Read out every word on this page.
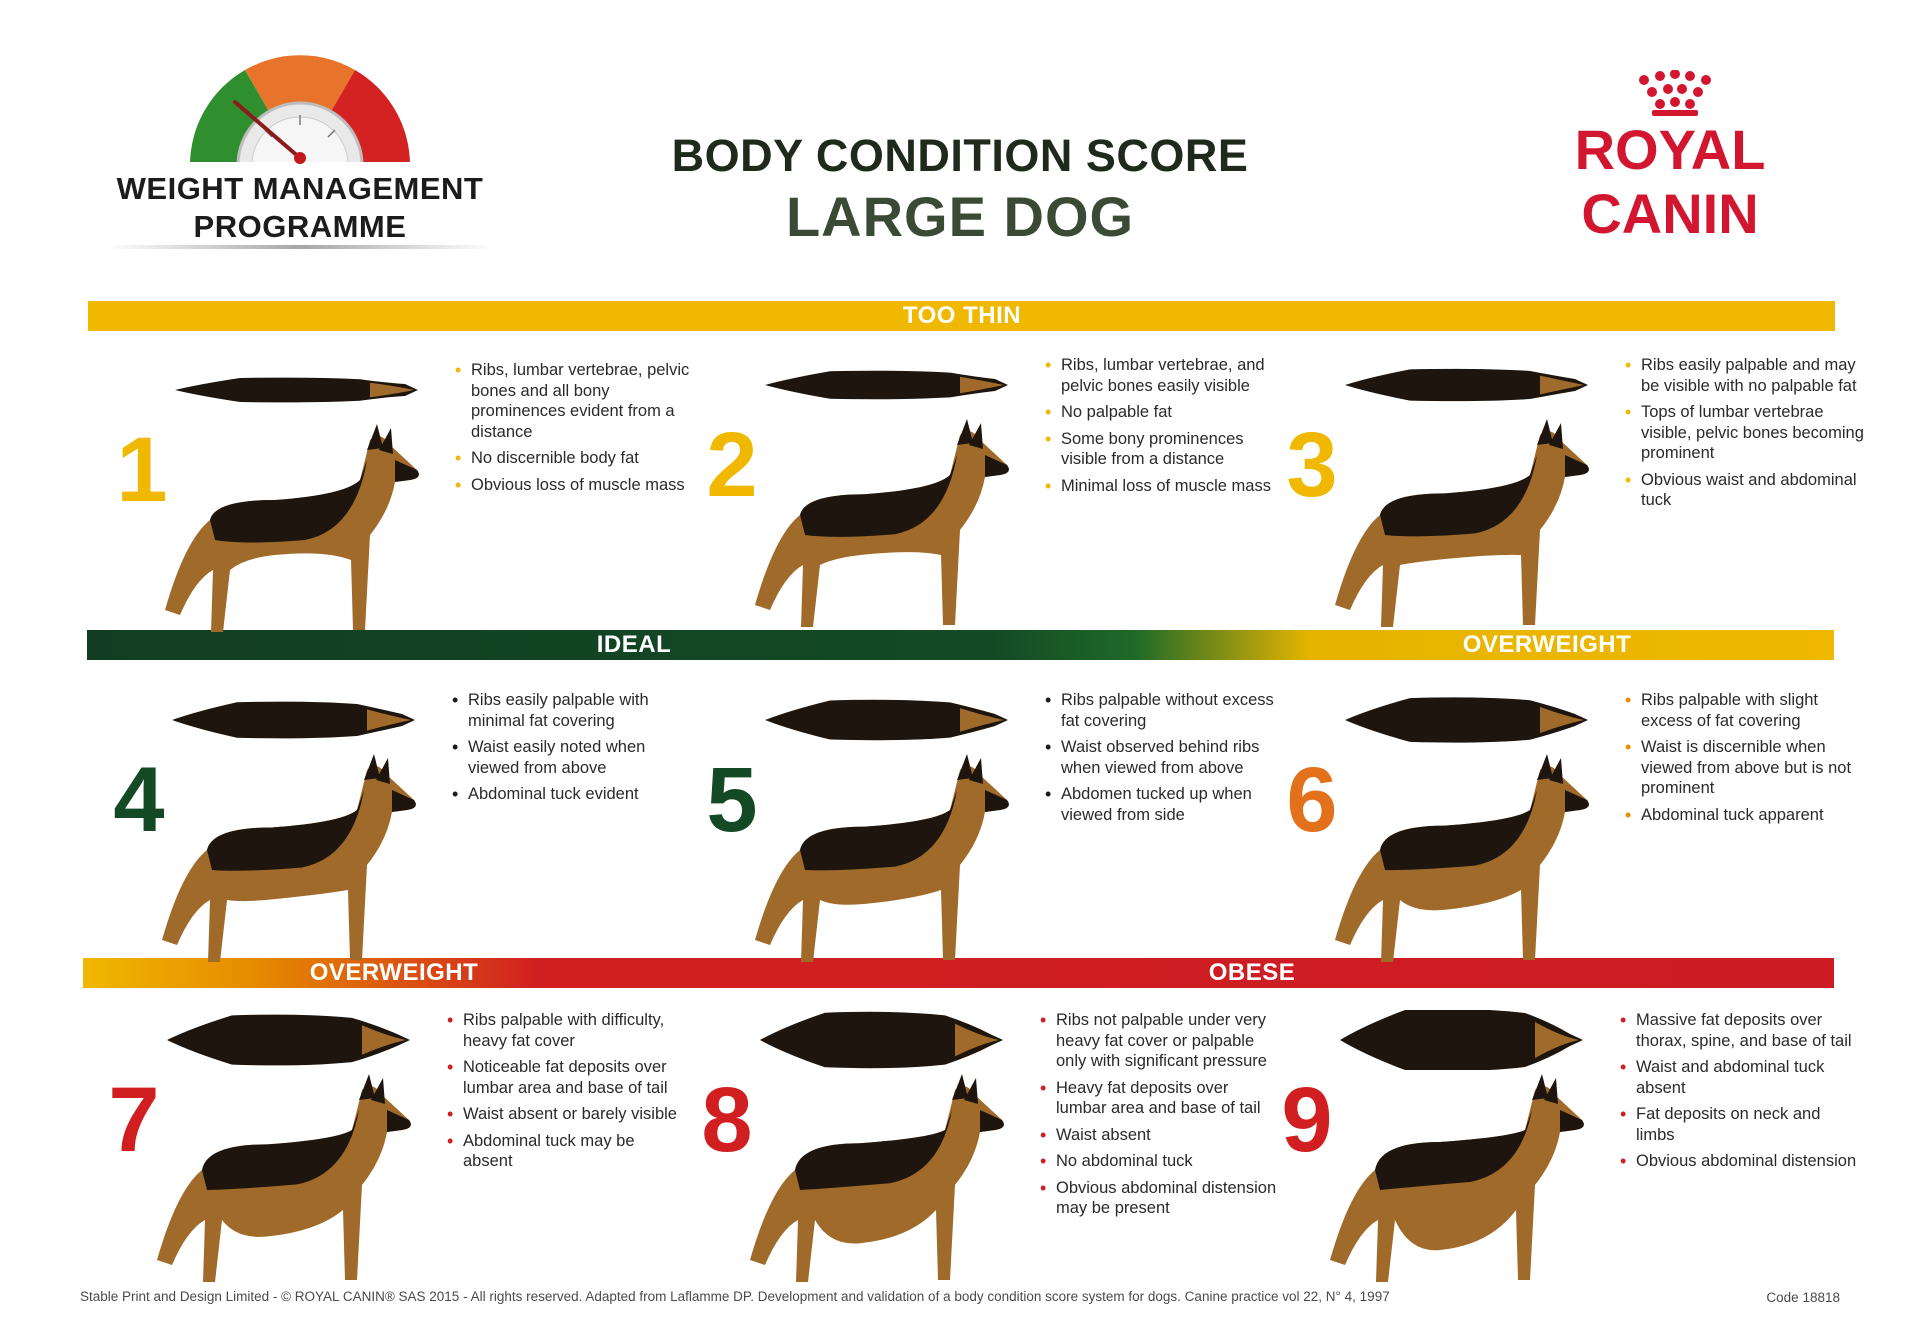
WEIGHT MANAGEMENT
PROGRAMME
BODY CONDITION SCORE
LARGE DOG
ROYAL CANIN
TOO THIN
IDEAL	OVERWEIGHT
OVERWEIGHT	OBESE
1
• Ribs, lumbar vertebrae, pelvic bones and all bony prominences evident from a distance
• No discernible body fat
• Obvious loss of muscle mass 2
• Ribs, lumbar vertebrae, and pelvic bones easily visible
• No palpable fat
• Some bony prominences visible from a distance
• Minimal loss of muscle mass 3
• Ribs easily palpable and may be visible with no palpable fat
• Tops of lumbar vertebrae visible, pelvic bones becoming prominent
• Obvious waist and abdominal tuck
4
• Ribs easily palpable with minimal fat covering
• Waist easily noted when viewed from above
• Abdominal tuck evident 5
• Ribs palpable without excess fat covering
• Waist observed behind ribs when viewed from above
• Abdomen tucked up when viewed from side	6
• Ribs palpable with slight excess of fat covering
• Waist is discernible when viewed from above but is not prominent
• Abdominal tuck apparent
7
• Ribs palpable with difficulty, heavy fat cover
• Noticeable fat deposits over lumbar area and base of tail
• Waist absent or barely visible
• Abdominal tuck may be absent	8
• Ribs not palpable under very heavy fat cover or palpable only with significant pressure
• Heavy fat deposits over lumbar area and base of tail
• Waist absent
• No abdominal tuck
• Obvious abdominal distension may be present
9
• Massive fat deposits over thorax, spine, and base of tail
• Waist and abdominal tuck absent
• Fat deposits on neck and limbs
• Obvious abdominal distension
Stable Print and Design Limited - © ROYAL CANIN® SAS 2015 - All rights reserved. Adapted from Laflamme DP. Development and validation of a body condition score system for dogs. Canine practice vol 22, N° 4, 1997	Code 18818
